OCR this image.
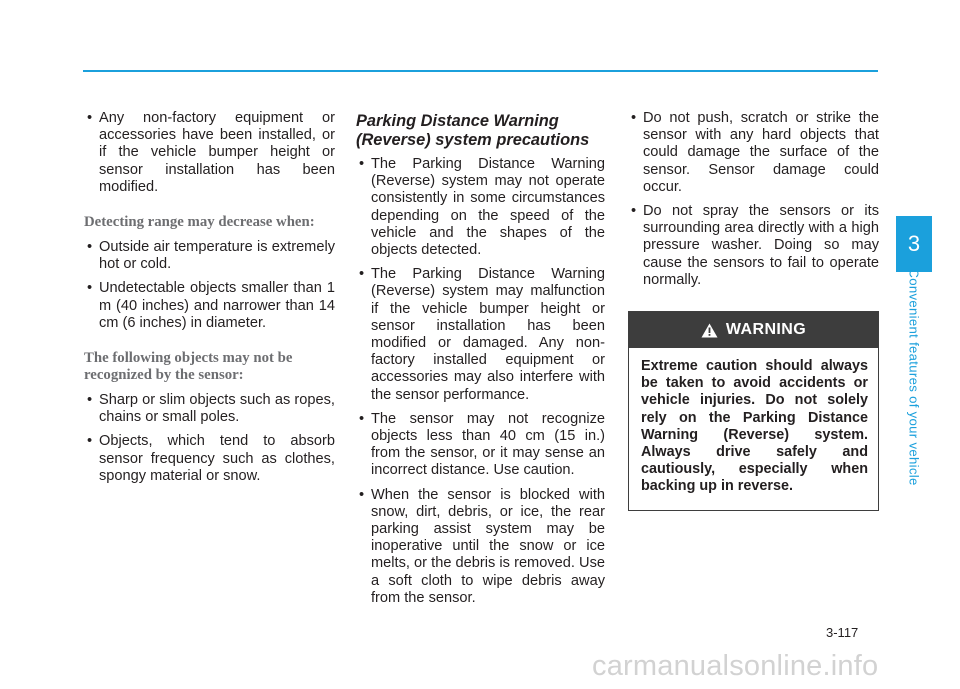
• Any non-factory equipment or accessories have been installed, or if the vehicle bumper height or sensor installation has been modified.
Detecting range may decrease when:
• Outside air temperature is extremely hot or cold.
• Undetectable objects smaller than 1 m (40 inches) and narrower than 14 cm (6 inches) in diameter.
The following objects may not be recognized by the sensor:
• Sharp or slim objects such as ropes, chains or small poles.
• Objects, which tend to absorb sensor frequency such as clothes, spongy material or snow.
Parking Distance Warning (Reverse) system precautions
• The Parking Distance Warning (Reverse) system may not operate consistently in some circumstances depending on the speed of the vehicle and the shapes of the objects detected.
• The Parking Distance Warning (Reverse) system may malfunction if the vehicle bumper height or sensor installation has been modified or damaged. Any non-factory installed equipment or accessories may also interfere with the sensor performance.
• The sensor may not recognize objects less than 40 cm (15 in.) from the sensor, or it may sense an incorrect distance. Use caution.
• When the sensor is blocked with snow, dirt, debris, or ice, the rear parking assist system may be inoperative until the snow or ice melts, or the debris is removed. Use a soft cloth to wipe debris away from the sensor.
• Do not push, scratch or strike the sensor with any hard objects that could damage the surface of the sensor. Sensor damage could occur.
• Do not spray the sensors or its surrounding area directly with a high pressure washer. Doing so may cause the sensors to fail to operate normally.
WARNING
Extreme caution should always be taken to avoid accidents or vehicle injuries. Do not solely rely on the Parking Distance Warning (Reverse) system. Always drive safely and cautiously, especially when backing up in reverse.
3
Convenient features of your vehicle
3-117
carmanualsonline.info
